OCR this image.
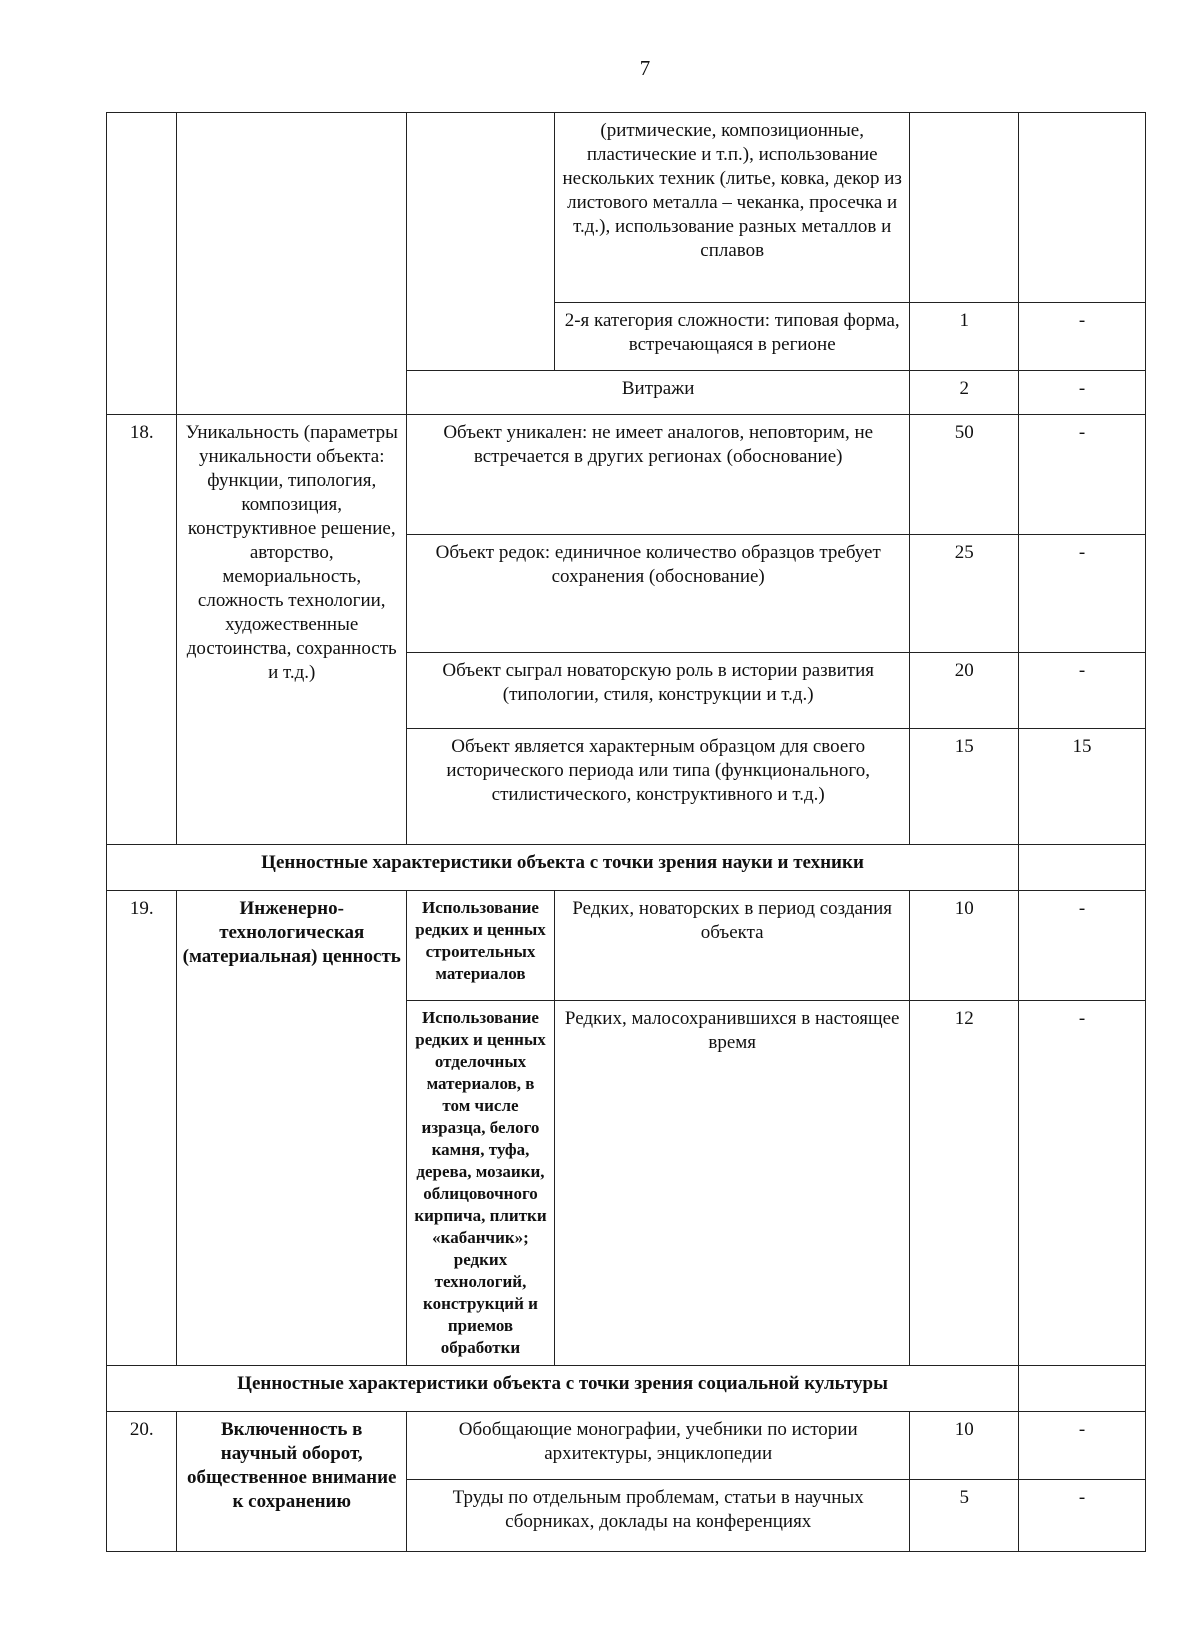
7
			(ритмические, композиционные, пластические и т.п.), использование нескольких техник (литье, ковка, декор из листового металла – чеканка, просечка и т.д.), использование разных металлов и сплавов		
			2-я категория сложности: типовая форма, встречающаяся в регионе	1	-
		Витражи		2	-
18.	Уникальность (параметры уникальности объекта: функции, типология, композиция, конструктивное решение, авторство, мемориальность, сложность технологии, художественные достоинства, сохранность и т.д.)	Объект уникален: не имеет аналогов, неповторим, не встречается в других регионах (обоснование)		50	-
		Объект редок: единичное количество образцов требует сохранения (обоснование)		25	-
		Объект сыграл новаторскую роль в истории развития (типологии, стиля, конструкции и т.д.)		20	-
		Объект является характерным образцом для своего исторического периода или типа (функционального, стилистического, конструктивного и т.д.)		15	15
Ценностные характеристики объекта с точки зрения науки и техники					
19.	Инженерно-технологическая (материальная) ценность	Использование редких и ценных строительных материалов	Редких, новаторских в период создания объекта	10	-
		Использование редких и ценных отделочных материалов, в том числе изразца, белого камня, туфа, дерева, мозаики, облицовочного кирпича, плитки «кабанчик»; редких технологий, конструкций и приемов обработки	Редких, малосохранившихся в настоящее время	12	-
Ценностные характеристики объекта с точки зрения социальной культуры					
20.	Включенность в научный оборот, общественное внимание к сохранению	Обобщающие монографии, учебники по истории архитектуры, энциклопедии		10	-
		Труды по отдельным проблемам, статьи в научных сборниках, доклады на конференциях		5	-
